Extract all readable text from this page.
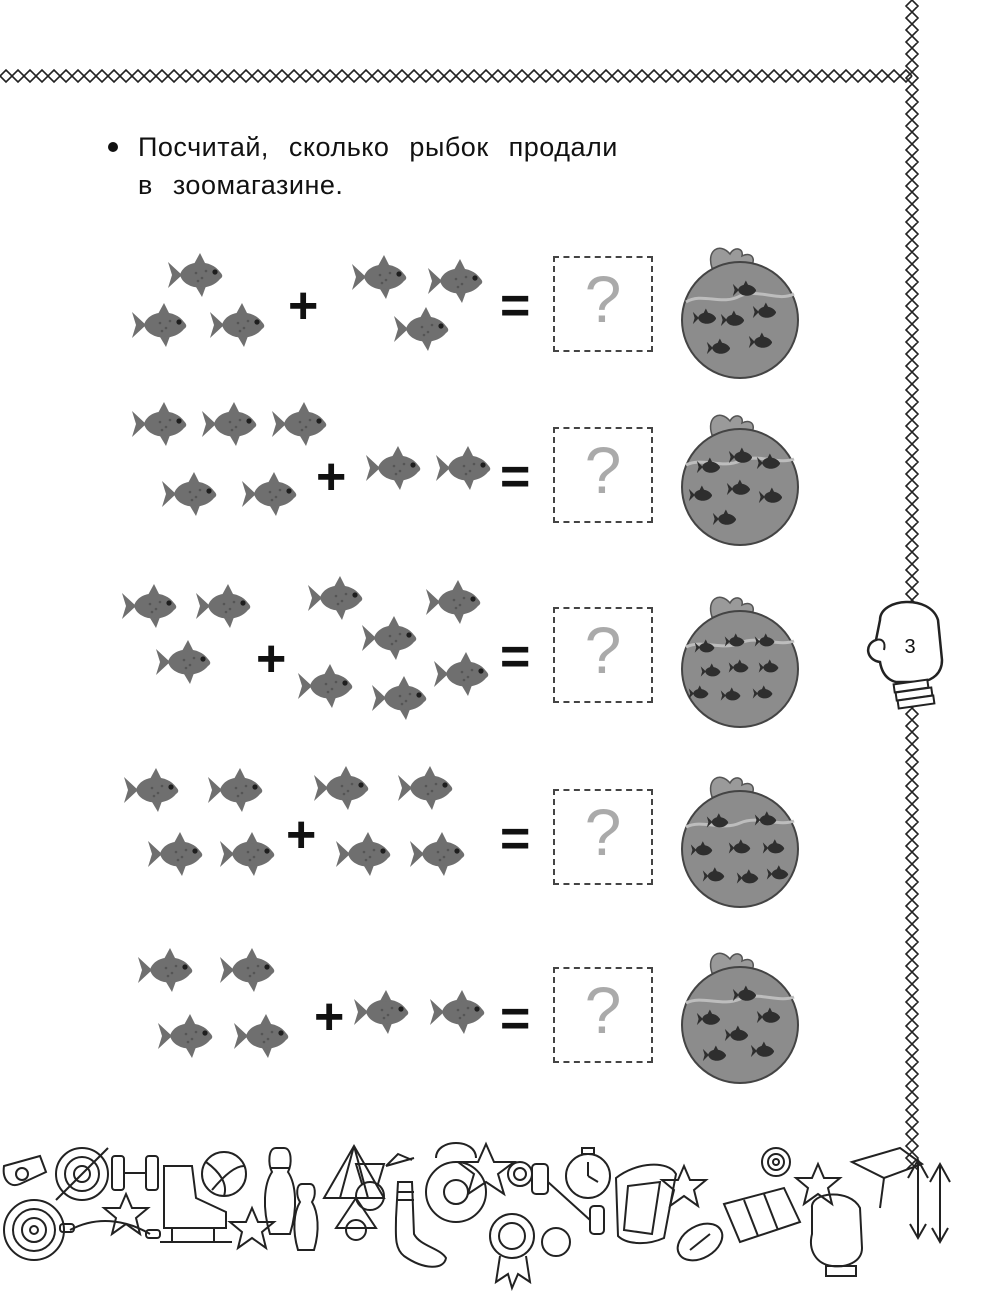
Посчитай, сколько рыбок продали
в зоомагазине.
+	= ?
+	= ?
+	= ?
+	= ?
+	= ?
3
